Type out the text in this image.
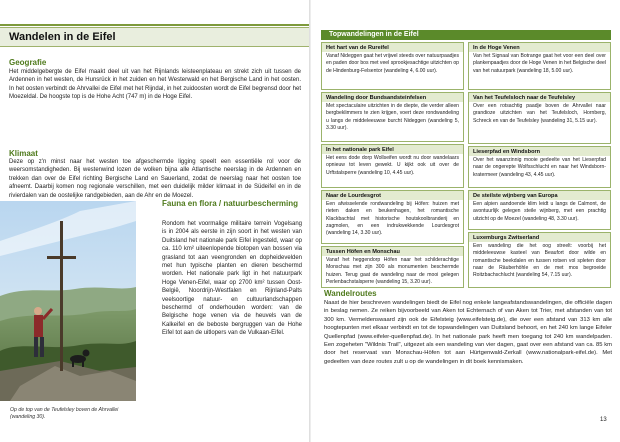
Wandelen in de Eifel
Geografie
Het middelgebergte de Eifel maakt deel uit van het Rijnlands leisteenplateau en strekt zich uit tussen de Ardennen in het westen, de Hunsrück in het zuiden en het Westerwald en het Bergische Land in het oosten. In het oosten verbindt de Ahrvallei de Eifel met het Rijndal, in het zuidoosten wordt de Eifel begrensd door het Moezeldal. De hoogste top is de Hohe Acht (747 m) in de Hoge Eifel.
Klimaat
Deze op z'n minst naar het westen toe afgeschermde ligging speelt een essentiële rol voor de weersomstandigheden. Bij westenwind lozen de wolken bijna alle Atlantische neerslag in de Ardennen en trekken dan over de Eifel richting Bergische Land en Sauerland, zodat de neerslag naar het oosten toe afneemt. Daarbij komen nog regionale verschillen, met een duidelijk milder klimaat in de Südeifel en in de rivierdalen van de oostelijke randgebieden, aan de Ahr en de Moezel.
Op de top van de Teufelsley boven de Ahrvallei (wandeling 30).
Fauna en flora / natuurbescherming
Rondom het voormalige militaire terrein Vogelsang is in 2004 als eerste in zijn soort in het westen van Duitsland het nationale park Eifel ingesteld, waar op ca. 110 km² uiteenlopende biotopen van bossen via grasland tot aan veengronden en dopheidevelden met hun typische planten en dieren beschermd worden. Het nationale park ligt in het natuurpark Hoge Venen-Eifel, waar op 2700 km² tussen Oost-België, Noordrijn-Westfalen en Rijnland-Palts veelsoortige natuur- en cultuurlandschappen beschermd of onderhouden worden: van de Belgische hoge venen via de heuvels van de Kalkeifel en de beboste bergruggen van de Hohe Eifel tot aan de uitlopers van de Vulkaan-Eifel.
Topwandelingen in de Eifel
Het hart van de Rureifel
Vanaf Nideggen gaat het vrijwel steeds over natuurpaadjes en paden door bos met veel sprookjesachtige uitzichten op de Hindenburg-Felsentor (wandeling 4, 6.00 uur).
Wandeling door Bundsandsteinfelsen
Met spectaculaire uitzichten in de diepte, die verder alleen bergbeklimmers te zien krijgen, voert deze rondwandeling u langs de middeleeuwse burcht Nideggen (wandeling 5, 3.30 uur).
In het nationale park Eifel
Het eens dode dorp Wollseifen wordt nu door wandelaars opnieuw tot leven gewekt. U kijkt ook uit over de Urftstalsperre (wandeling 10, 4.45 uur).
Naar de Lourdesgrot
Een afwisselende rondwandeling bij Höfen: huizen met rieten daken en beukenhagen, het romantische Klackbachtal met historische houtskoolbranderij en zagmolen, en een indrukwekkende Lourdesgrot (wandeling 14, 3.30 uur).
Tussen Höfen en Monschau
Vanaf het heggendorp Höfen naar het schilderachtige Monschau met zijn 300 als monumenten beschermde huizen. Terug gaat de wandeling naar de mooi gelegen Perlenbachstalsperre (wandeling 15, 3.20 uur).
In de Hoge Venen
Van het Signaal van Botrange gaat het voor een deel over plankenpaadjes door de Hoge Venen in het Belgische deel van het natuurpark (wandeling 18, 5.00 uur).
Van het Teufelsloch naar de Teufelsley
Over een rotsachtig paadje boven de Ahrvallei naar grandioze uitzichten van het Teufelsloch, Hornberg, Schreck en van de Teufelsley (wandeling 31, 5.15 uur).
Lieserpfad en Windsborn
Over het waanzinnig mooie gedeelte van het Lieserpfad naar de ongerepte Wolfsschlucht en naar het Windsborn-kratermeer (wandeling 43, 4.45 uur).
De steilste wijnberg van Europa
Een alpien aandoende klim leidt u langs de Calmont, de avontuurlijk gelegen steile wijnberg, met een prachtig uitzicht op de Moezel (wandeling 48, 3.30 uur).
Luxemburgs Zwitserland
Een wandeling die het oog streelt: voorbij het middeleeuwse kasteel van Beaufort door wilde en romantische beekdalen en tussen rotsen vol spleten door naar de Räuberhöhle en de met mos begroeide Roitzbachschlucht (wandeling 54, 7.15 uur).
Wandelroutes
Naast de hier beschreven wandelingen biedt de Eifel nog enkele langeafstandswandelingen, die officiële dagen in beslag nemen. Ze reiken bijvoorbeeld van Aken tot Echternach of van Aken tot Trier, met afstanden van tot 300 km. Vermeldenswaard zijn ook de Eifelsteig (www.eifelsteig.de), die over een afstand van 313 km alle hoogtepunten met elkaar verbindt en tot de topwandelingen van Duitsland behoort, en het 240 km lange Eifeler Quellenpfad (www.eifeler-quellenpfad.de). In het nationale park heeft men toegang tot 240 km wandelpaden. Een zogeheten "Wildnis Trail", uitgezet als een wandeling van vier dagen, gaat over een afstand van ca. 85 km door het reservaat van Monschau-Höfen tot aan Hürtgenwald-Zerkall (www.nationalpark-eifel.de). Met gedeelten van deze routes zult u op de wandelingen in dit boek kennismaken.
13
